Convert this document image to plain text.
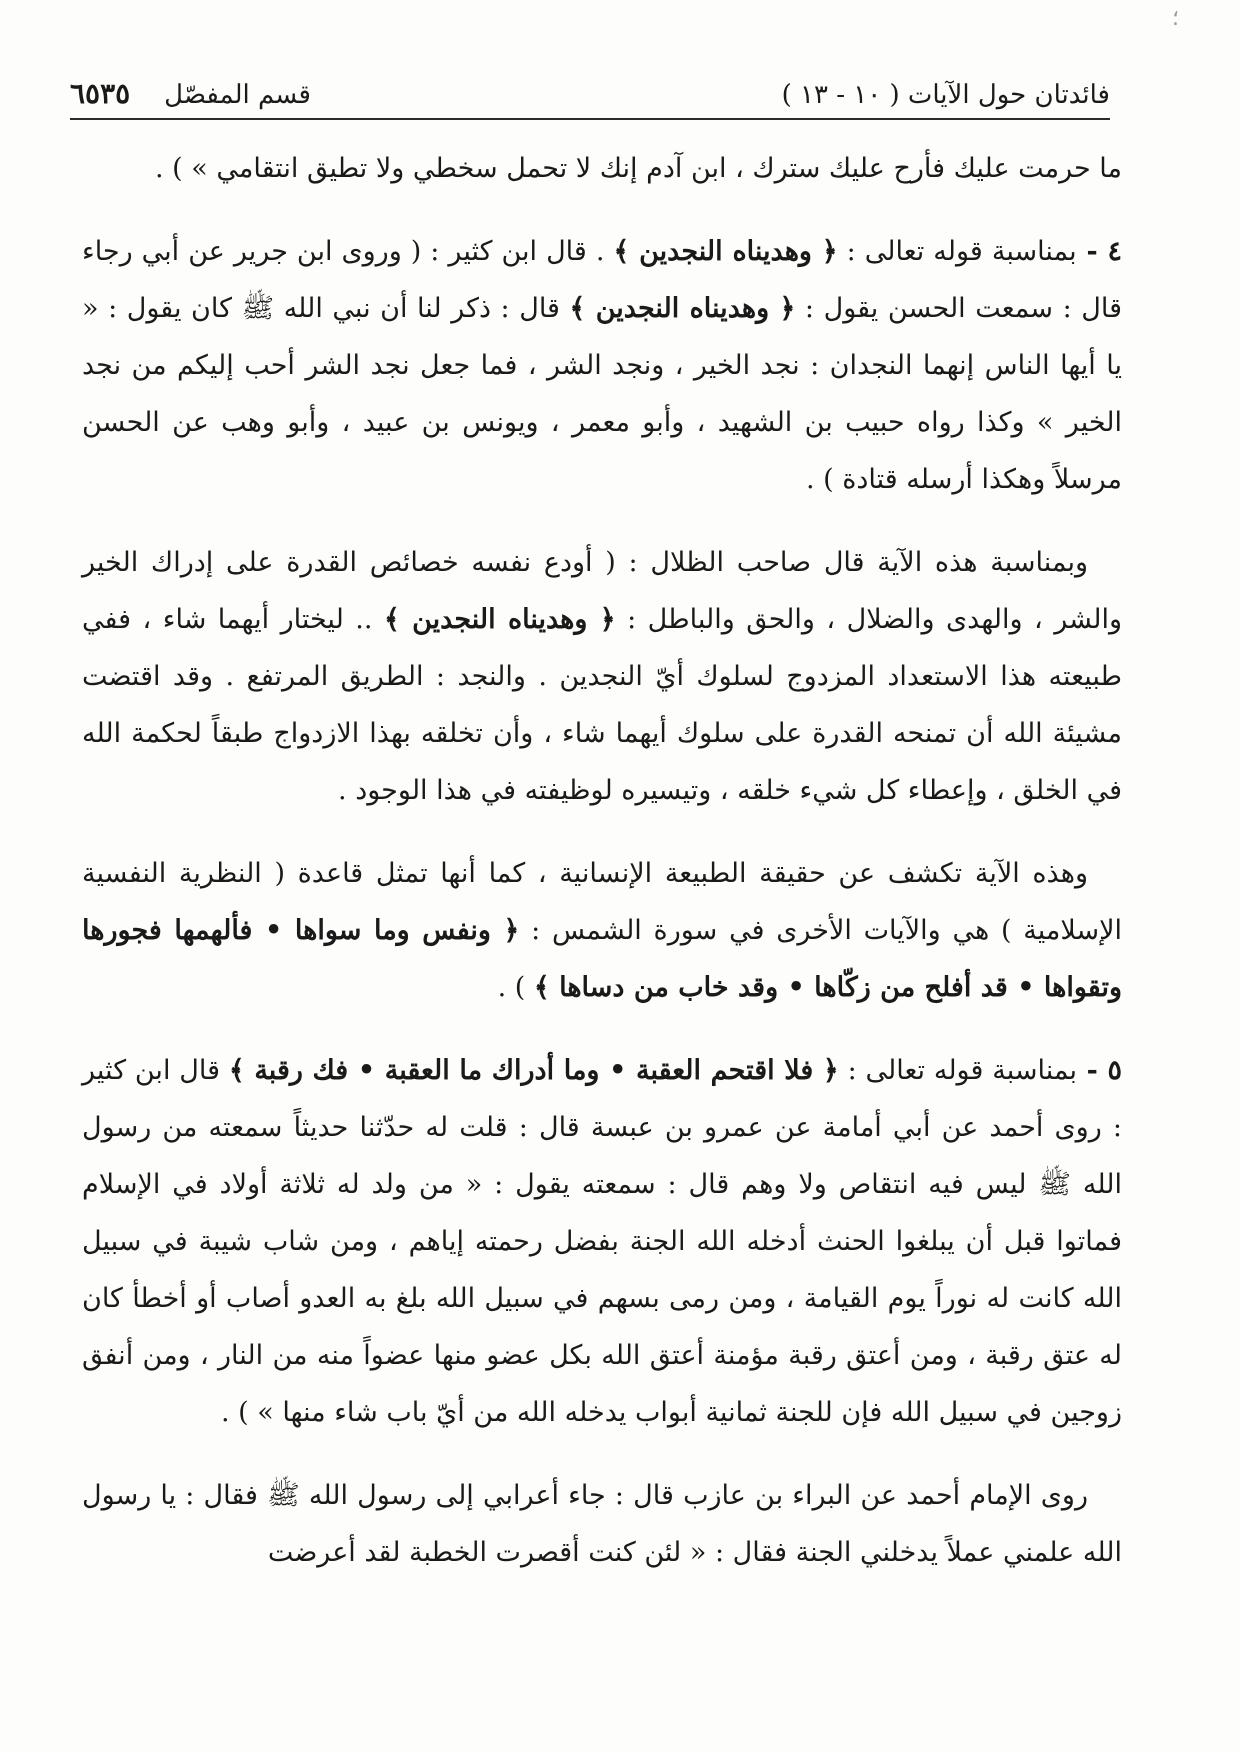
؛
فائدتان حول الآيات ( ١٠ - ١٣ )
قسم المفصّل
٦٥٣٥

ما حرمت عليك فأرح عليك سترك ، ابن آدم إنك لا تحمل سخطي ولا تطيق انتقامي » ) .

٤ - بمناسبة قوله تعالى : ﴿ وهديناه النجدين ﴾ . قال ابن كثير : ( وروى ابن جرير عن أبي رجاء قال : سمعت الحسن يقول : ﴿ وهديناه النجدين ﴾ قال : ذكر لنا أن نبي الله ﷺ كان يقول : « يا أيها الناس إنهما النجدان : نجد الخير ، ونجد الشر ، فما جعل نجد الشر أحب إليكم من نجد الخير » وكذا رواه حبيب بن الشهيد ، وأبو معمر ، ويونس بن عبيد ، وأبو وهب عن الحسن مرسلاً وهكذا أرسله قتادة ) .

وبمناسبة هذه الآية قال صاحب الظلال : ( أودع نفسه خصائص القدرة على إدراك الخير والشر ، والهدى والضلال ، والحق والباطل : ﴿ وهديناه النجدين ﴾ .. ليختار أيهما شاء ، ففي طبيعته هذا الاستعداد المزدوج لسلوك أيّ النجدين . والنجد : الطريق المرتفع . وقد اقتضت مشيئة الله أن تمنحه القدرة على سلوك أيهما شاء ، وأن تخلقه بهذا الازدواج طبقاً لحكمة الله في الخلق ، وإعطاء كل شيء خلقه ، وتيسيره لوظيفته في هذا الوجود .

وهذه الآية تكشف عن حقيقة الطبيعة الإنسانية ، كما أنها تمثل قاعدة ( النظرية النفسية الإسلامية ) هي والآيات الأخرى في سورة الشمس : ﴿ ونفس وما سواها • فألهمها فجورها وتقواها • قد أفلح من زكّاها • وقد خاب من دساها ﴾ ) .

٥ - بمناسبة قوله تعالى : ﴿ فلا اقتحم العقبة • وما أدراك ما العقبة • فك رقبة ﴾ قال ابن كثير : روى أحمد عن أبي أمامة عن عمرو بن عبسة قال : قلت له حدّثنا حديثاً سمعته من رسول الله ﷺ ليس فيه انتقاص ولا وهم قال : سمعته يقول : « من ولد له ثلاثة أولاد في الإسلام فماتوا قبل أن يبلغوا الحنث أدخله الله الجنة بفضل رحمته إياهم ، ومن شاب شيبة في سبيل الله كانت له نوراً يوم القيامة ، ومن رمى بسهم في سبيل الله بلغ به العدو أصاب أو أخطأ كان له عتق رقبة ، ومن أعتق رقبة مؤمنة أعتق الله بكل عضو منها عضواً منه من النار ، ومن أنفق زوجين في سبيل الله فإن للجنة ثمانية أبواب يدخله الله من أيّ باب شاء منها » ) .

روى الإمام أحمد عن البراء بن عازب قال : جاء أعرابي إلى رسول الله ﷺ فقال : يا رسول الله علمني عملاً يدخلني الجنة فقال : « لئن كنت أقصرت الخطبة لقد أعرضت
